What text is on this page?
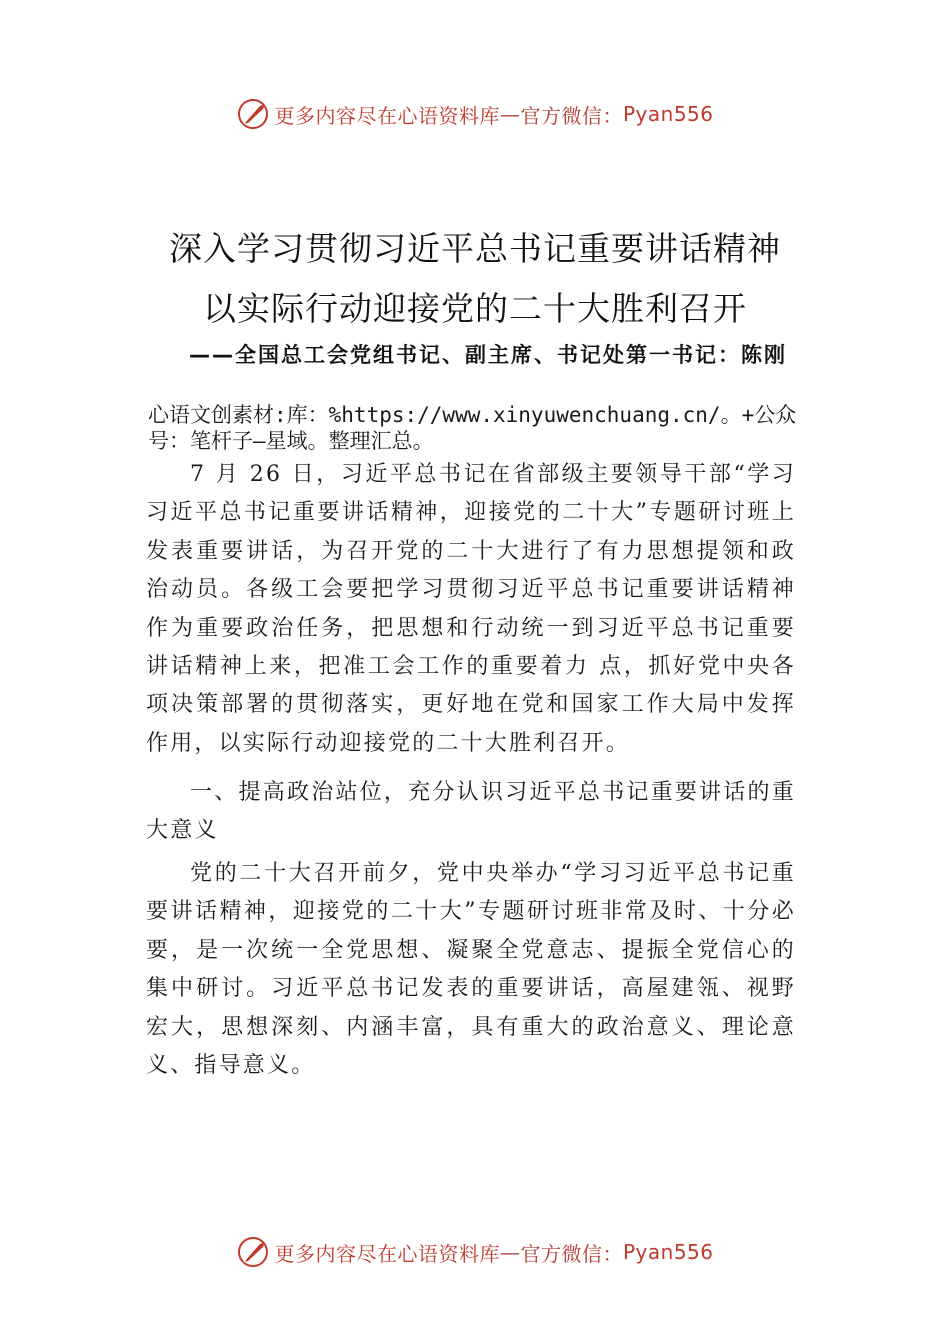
更多内容尽在心语资料库 — 官方微信： Pyan556
深入学习贯彻习近平总书记重要讲话精神
以实际行动迎接党的二十大胜利召开
——全国总工会党组书记、副主席、书记处第一书记：陈刚
心语文创素材:库：%https://www.xinyuwenchuang.cn/。+公众号：笔杆子—星域。整理汇总。

7 月 26 日，习近平总书记在省部级主要领导干部“学习习近平总书记重要讲话精神，迎接党的二十大”专题研讨班上发表重要讲话，为召开党的二十大进行了有力思想提领和政治动员。各级工会要把学习贯彻习近平总书记重要讲话精神作为重要政治任务，把思想和行动统一到习近平总书记重要讲话精神上来，把准工会工作的重要着力 点，抓好党中央各项决策部署的贯彻落实，更好地在党和国家工作大局中发挥作用，以实际行动迎接党的二十大胜利召开。

一、提高政治站位，充分认识习近平总书记重要讲话的重大意义

党的二十大召开前夕，党中央举办“学习习近平总书记重要讲话精神，迎接党的二十大”专题研讨班非常及时、十分必要，是一次统一全党思想、凝聚全党意志、提振全党信心的集中研讨。习近平总书记发表的重要讲话，高屋建瓴、视野宏大，思想深刻、内涵丰富，具有重大的政治意义、理论意义、指导意义。

更多内容尽在心语资料库 — 官方微信： Pyan556
